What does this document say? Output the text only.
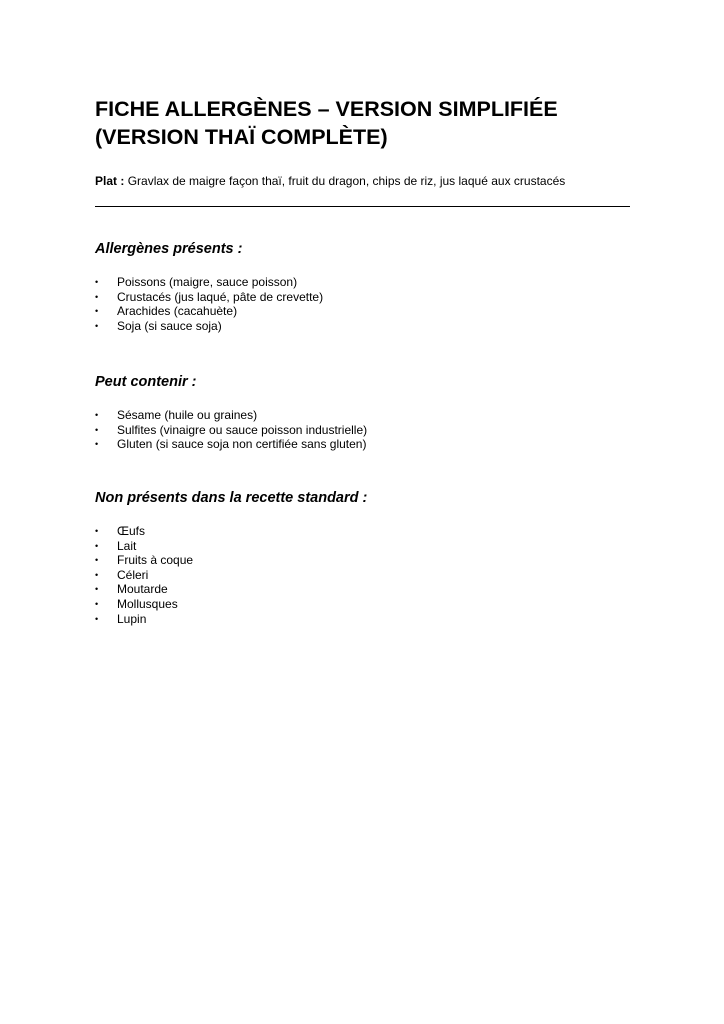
FICHE ALLERGÈNES – VERSION SIMPLIFIÉE
(VERSION THAÏ COMPLÈTE)

Plat : Gravlax de maigre façon thaï, fruit du dragon, chips de riz, jus laqué aux crustacés

Allergènes présents :
• Poissons (maigre, sauce poisson)
• Crustacés (jus laqué, pâte de crevette)
• Arachides (cacahuète)
• Soja (si sauce soja)
Peut contenir :
• Sésame (huile ou graines)
• Sulfites (vinaigre ou sauce poisson industrielle)
• Gluten (si sauce soja non certifiée sans gluten)
Non présents dans la recette standard :
• Œufs
• Lait
• Fruits à coque
• Céleri
• Moutarde
• Mollusques
• Lupin
